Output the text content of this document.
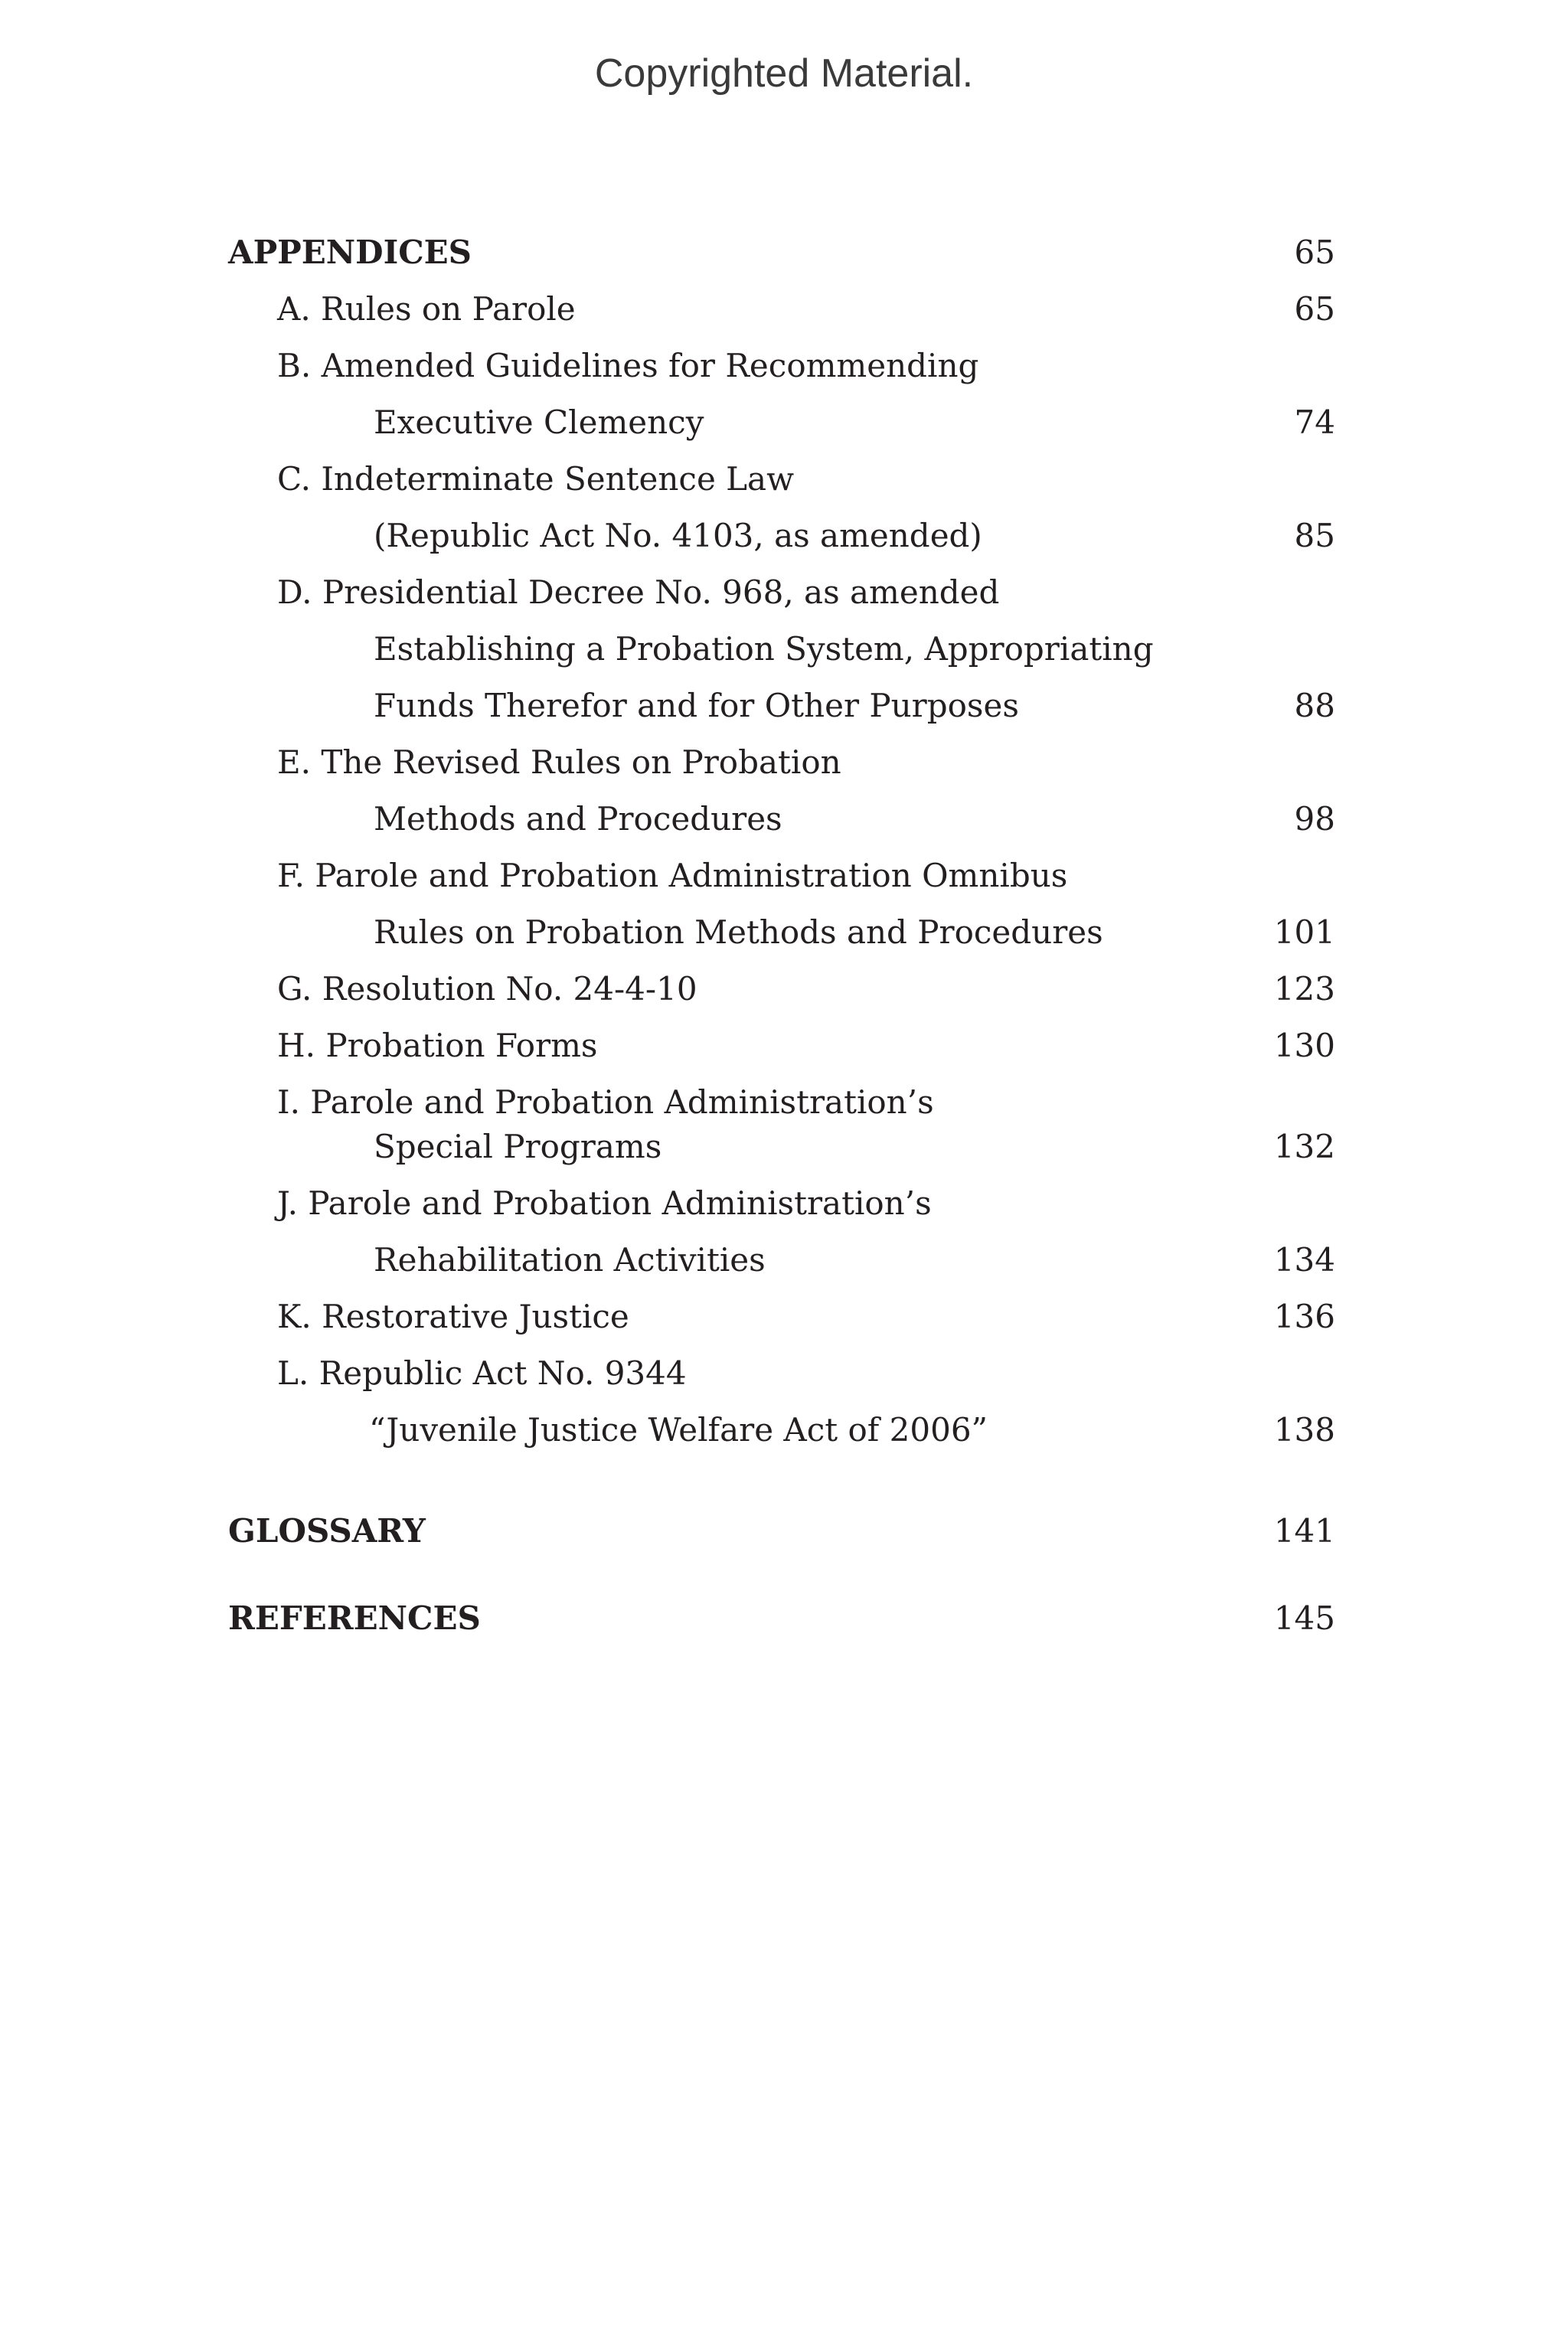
Copyrighted Material.
APPENDICES	65
A. Rules on Parole	65
B. Amended Guidelines for Recommending
Executive Clemency	74
C. Indeterminate Sentence Law
(Republic Act No. 4103, as amended)	85
D. Presidential Decree No. 968, as amended
Establishing a Probation System, Appropriating
Funds Therefor and for Other Purposes	88
E. The Revised Rules on Probation
Methods and Procedures	98
F. Parole and Probation Administration Omnibus
Rules on Probation Methods and Procedures	101
G. Resolution No. 24-4-10	123
H. Probation Forms	130
I. Parole and Probation Administration’s
Special Programs	132
J. Parole and Probation Administration’s
Rehabilitation Activities	134
K. Restorative Justice	136
L. Republic Act No. 9344
“Juvenile Justice Welfare Act of 2006”	138
GLOSSARY	141
REFERENCES	145
